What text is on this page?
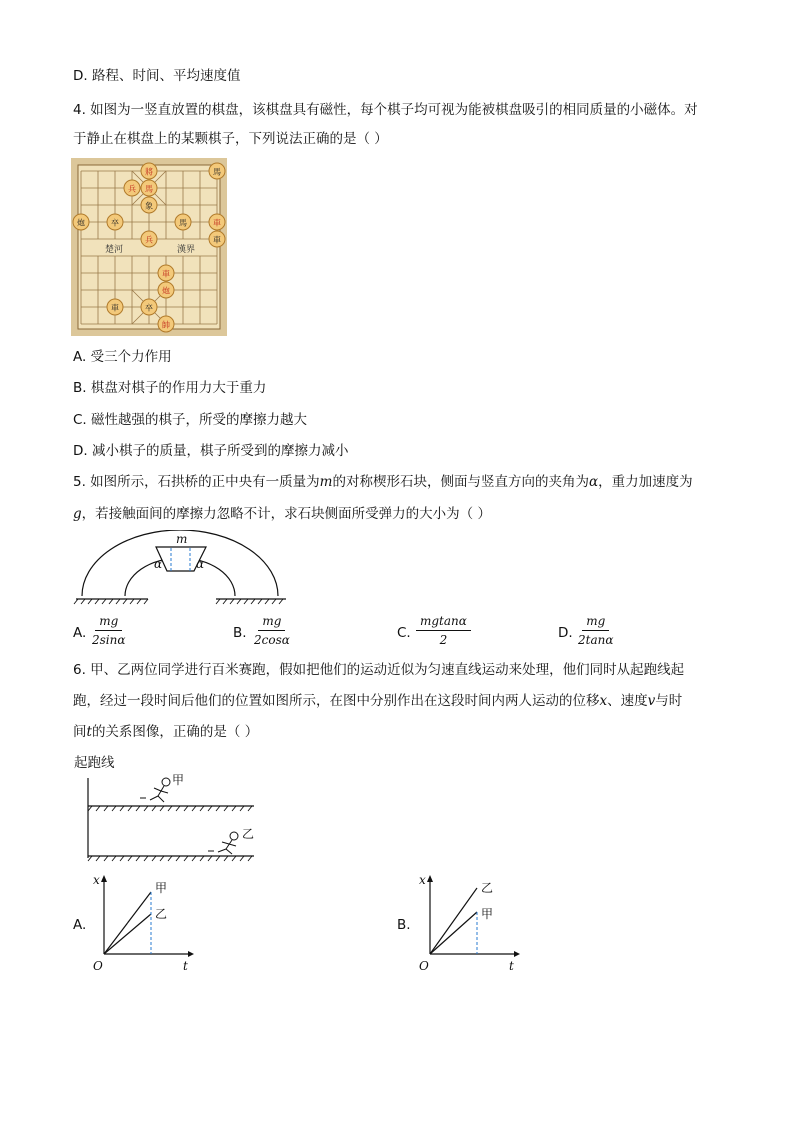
D. 路程、时间、平均速度值
4. 如图为一竖直放置的棋盘，该棋盘具有磁性，每个棋子均可视为能被棋盘吸引的相同质量的小磁体。对
于静止在棋盘上的某颗棋子，下列说法正确的是（ ）
楚河	漢界
將
馬
兵
馬
象
炮	卒	馬	車
車
兵
車
炮
車	卒
帥
A. 受三个力作用
B. 棋盘对棋子的作用力大于重力
C. 磁性越强的棋子，所受的摩擦力越大
D. 减小棋子的质量，棋子所受到的摩擦力减小
5. 如图所示，石拱桥的正中央有一质量为m的对称楔形石块，侧面与竖直方向的夹角为α，重力加速度为
g，若接触面间的摩擦力忽略不计，求石块侧面所受弹力的大小为（ ）
m
α	α
A. $\frac{mg}{2\sin\alpha}$	B. $\frac{mg}{2\cos\alpha}$	C. $\frac{mgtan\alpha}{2}$	D. $\frac{mg}{2\tan\alpha}$
6. 甲、乙两位同学进行百米赛跑，假如把他们的运动近似为匀速直线运动来处理，他们同时从起跑线起
跑，经过一段时间后他们的位置如图所示，在图中分别作出在这段时间内两人运动的位移x、速度v与时
间t的关系图像，正确的是（ ）
起跑线
甲
乙
A.
x
t
O
甲
乙
B.
x
t
O
乙
甲
